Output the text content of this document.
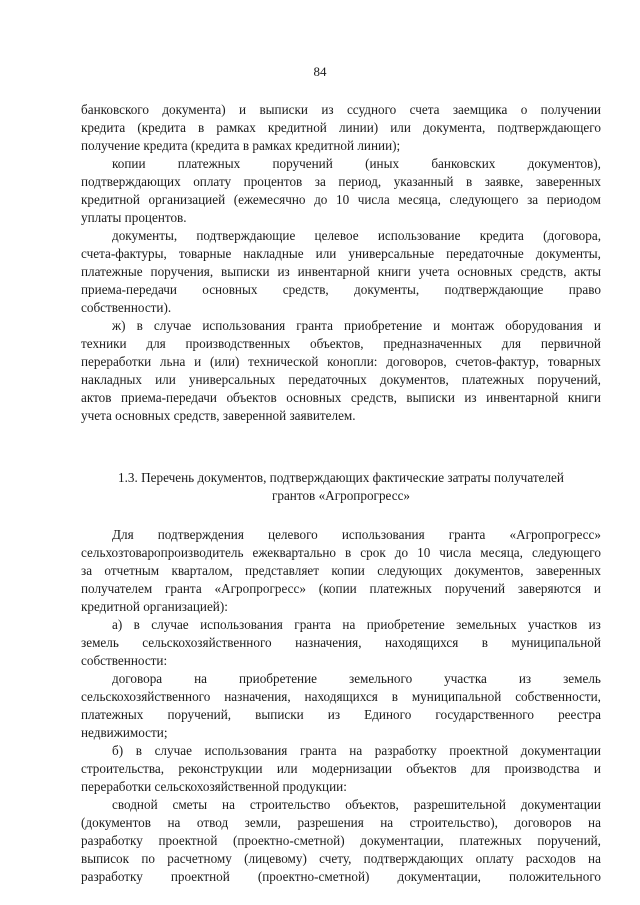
84
банковского документа) и выписки из ссудного счета заемщика о получении
кредита (кредита в рамках кредитной линии) или документа, подтверждающего
получение кредита (кредита в рамках кредитной линии);
копии платежных поручений (иных банковских документов),
подтверждающих оплату процентов за период, указанный в заявке, заверенных
кредитной организацией (ежемесячно до 10 числа месяца, следующего за периодом
уплаты процентов.
документы, подтверждающие целевое использование кредита (договора,
счета-фактуры, товарные накладные или универсальные передаточные документы,
платежные поручения, выписки из инвентарной книги учета основных средств, акты
приема-передачи основных средств, документы, подтверждающие право
собственности).
ж) в случае использования гранта приобретение и монтаж оборудования и
техники для производственных объектов, предназначенных для первичной
переработки льна и (или) технической конопли: договоров, счетов-фактур, товарных
накладных или универсальных передаточных документов, платежных поручений,
актов приема-передачи объектов основных средств, выписки из инвентарной книги
учета основных средств, заверенной заявителем.
1.3. Перечень документов, подтверждающих фактические затраты получателей
грантов «Агропрогресс»
Для подтверждения целевого использования гранта «Агропрогресс»
сельхозтоваропроизводитель ежеквартально в срок до 10 числа месяца, следующего
за отчетным кварталом, представляет копии следующих документов, заверенных
получателем гранта «Агропрогресс» (копии платежных поручений заверяются и
кредитной организацией):
а) в случае использования гранта на приобретение земельных участков из
земель сельскохозяйственного назначения, находящихся в муниципальной
собственности:
договора на приобретение земельного участка из земель
сельскохозяйственного назначения, находящихся в муниципальной собственности,
платежных поручений, выписки из Единого государственного реестра
недвижимости;
б) в случае использования гранта на разработку проектной документации
строительства, реконструкции или модернизации объектов для производства и
переработки сельскохозяйственной продукции:
сводной сметы на строительство объектов, разрешительной документации
(документов на отвод земли, разрешения на строительство), договоров на
разработку проектной (проектно-сметной) документации, платежных поручений,
выписок по расчетному (лицевому) счету, подтверждающих оплату расходов на
разработку проектной (проектно-сметной) документации, положительного
